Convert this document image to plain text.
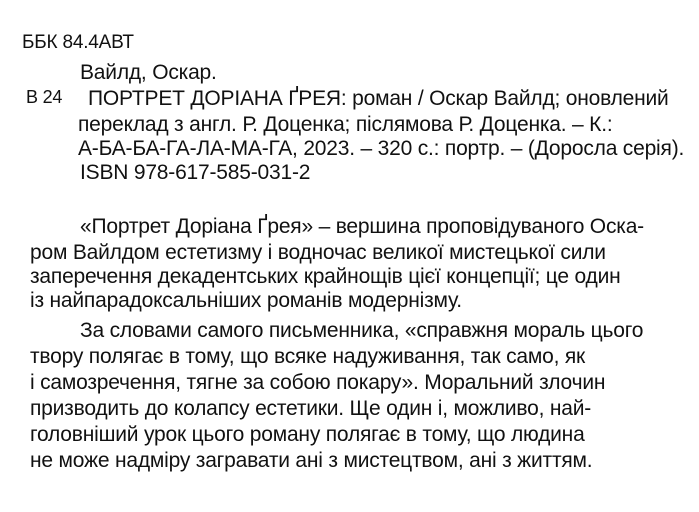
ББК 84.4АВТ
Вайлд, Оскар.
В 24 ПОРТРЕТ ДОРІАНА ҐРЕЯ: роман / Оскар Вайлд; оновлений
переклад з англ. Р. Доценка; післямова Р. Доценка. – К.:
А-БА-БА-ГА-ЛА-МА-ГА, 2023. – 320 с.: портр. – (Доросла серія).
ISBN 978-617-585-031-2
«Портрет Доріана Ґрея» – вершина проповідуваного Оска-
ром Вайлдом естетизму і водночас великої мистецької сили
заперечення декадентських крайнощів цієї концепції; це один
із найпарадоксальніших романів модернізму.
За словами самого письменника, «справжня мораль цього
твору полягає в тому, що всяке надуживання, так само, як
і самозречення, тягне за собою покару». Моральний злочин
призводить до колапсу естетики. Ще один і, можливо, най-
головніший урок цього роману полягає в тому, що людина
не може надміру загравати ані з мистецтвом, ані з життям.
